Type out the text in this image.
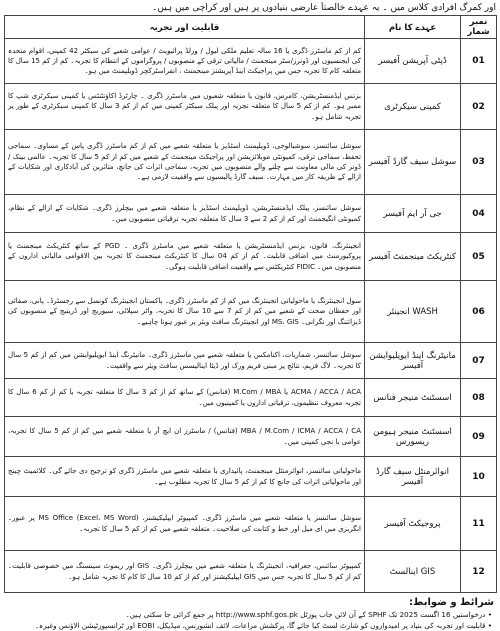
اور کمرگ افرادی کلاس میں ۔ یہ عہدے خالصتاً عارضی بنیادوں پر ہیں اور کراچی میں ہیں۔
نمبر شمار	عہدے کا نام	قابلیت اور تجربہ
01	ڈپٹی آپریشن آفیسر	کم از کم ماسٹرز ڈگری یا 16 سالہ تعلیم ملکی لیول / ورلڈ پرائیویٹ / عوامی شعبے کی سیکٹر 42 کمپنی، اقوام متحدہ کی ایجنسیوں اور ڈونرز/سٹر مینجمنٹ / مالیاتی ترقی کے منصوبوں / پروگراموں کے انتظام کا تجربہ۔ کم از کم 15 سال کا متعلقہ کام کا تجربہ جس میں پراجیکٹ اینڈ آپریشنز مینجمنٹ ، انفراسٹرکچر ڈویلپمنٹ میں ہو۔
02	کمپنی سیکرٹری	بزنس ایڈمنسٹریشن، کامرس، قانون یا متعلقہ شعبوں میں ماسٹرز ڈگری ۔ چارٹرڈ اکاؤنٹنٹس یا کمپنی سیکرٹری شپ کا ممبر ہو۔ کم از کم 5 سال کا متعلقہ تجربہ اور پبلک سیکٹر کمپنی میں کم از کم 3 سال کا کمپنی سیکرٹری کے طور پر تجربہ شامل ہو۔
03	سوشل سیف گارڈ آفیسر	سوشل سائنسز، سوشیالوجی، ڈویلپمنٹ اسٹڈیز یا متعلقہ شعبے میں کم از کم ماسٹرز ڈگری پاس کے مساوی۔ سماجی تحفظ، سماجی ترقی، کمیونٹی موبلائزیشن اور پراجیکٹ مینجمنٹ کے شعبے میں کم از کم 5 سال کا تجربہ۔ عالمی بینک / ڈونر کی مالی معاونت سے چلنے والے منصوبوں میں تجربہ، سماجی اثرات کی جانچ، متاثرین کی آبادکاری اور شکایات کے ازالے کے طریقہ کار میں مہارت۔ سیف گارڈ پالیسیوں سے واقفیت لازمی ہے۔
04	جی آر ایم آفیسر	سوشل سائنسز، پبلک ایڈمنسٹریشن، ڈویلپمنٹ اسٹڈیز یا متعلقہ شعبے میں بیچلرز ڈگری۔ شکایات کے ازالے کے نظام، کمیونٹی انگیجمنٹ اور کم از کم 2 سے 3 سال کا متعلقہ تجربہ ترقیاتی منصوبوں میں۔
05	کنٹریکٹ مینجمنٹ آفیسر	انجینئرنگ، قانون، بزنس ایڈمنسٹریشن یا متعلقہ شعبے میں ماسٹرز ڈگری ۔ PGD کے ساتھ کنٹریکٹ مینجمنٹ یا پروکیورمنٹ میں اضافی قابلیت۔ کم از کم 04 سال کا کنٹریکٹ مینجمنٹ کا تجربہ بین الاقوامی مالیاتی اداروں کے منصوبوں میں۔ FIDIC کنٹریکٹس سے واقفیت اضافی قابلیت ہوگی۔
06	WASH انجینئر	سول انجینئرنگ یا ماحولیاتی انجینئرنگ میں کم از کم ماسٹرز ڈگری۔ پاکستان انجینئرنگ کونسل سے رجسٹرڈ۔ پانی، صفائی اور حفظان صحت کے شعبے میں کم از کم 7 سے 10 سال کا تجربہ، واٹر سپلائی، سیوریج اور ڈرینیج کے منصوبوں کی ڈیزائننگ اور نگرانی۔ MS، GIS اور انجینئرنگ سافٹ ویئر پر عبور ہونا چاہیے۔
07	مانیٹرنگ اینڈ ایویلیوایشن آفیسر	سوشل سائنسز، شماریات، اکنامکس یا متعلقہ شعبے میں ماسٹرز ڈگری۔ مانیٹرنگ اینڈ ایویلیوایشن میں کم از کم 5 سال کا تجربہ۔ لاگ فریم، نتائج پر مبنی فریم ورک اور ڈیٹا اینالیسس سافٹ ویئر سے واقفیت۔
08	اسسٹنٹ منیجر فنانس	ACMA / ACCA / ACA یا M.Com / MBA (فنانس) کے ساتھ کم از کم 3 سال کا متعلقہ تجربہ یا کم از کم 6 سال کا تجربہ معروف تنظیموں، ترقیاتی اداروں یا کمپنیوں میں۔
09	اسسٹنٹ منیجر ہیومن ریسورس	MBA / M.Com / ICMA / ACCA / CA (فنانس) / ماسٹرز ان ایچ آر یا متعلقہ شعبے میں کم از کم 5 سال کا تجربہ، عوامی یا نجی کمپنی میں۔
10	انوائرمنٹل سیف گارڈ آفیسر	ماحولیاتی سائنسز، انوائرمنٹل مینجمنٹ، پائیداری یا متعلقہ شعبے میں ماسٹرز ڈگری کو ترجیح دی جائے گی۔ کلائمیٹ چینج اور ماحولیاتی اثرات کی جانچ کا کم از کم 5 سال کا تجربہ مطلوب ہے۔
11	پروجیکٹ آفیسر	سوشل سائنسز یا متعلقہ شعبے میں ماسٹرز ڈگری۔ کمپیوٹر ایپلیکیشنز، MS Office (Excel، MS Word) پر عبور۔ انگریزی میں ای میل اور خط و کتابت کی صلاحیت۔ متعلقہ شعبے میں کم از کم 5 سال کا تجربہ۔
12	GIS اینالسٹ	کمپیوٹر سائنس، جغرافیہ، انجینئرنگ یا متعلقہ شعبے میں بیچلرز ڈگری۔ GIS اور ریموٹ سینسنگ میں خصوصی قابلیت۔ کم از کم 5 سال کا تجربہ جس میں GIS ایپلیکیشنز اور کم از کم 10 سال کا کام کا تجربہ شامل ہو۔
شرائط و ضوابط:

• درخواستیں 16 اگست 2025 تک SPHF کے آن لائن جاب پورٹل http://www.sphf.gos.pk پر جمع کرائی جا سکتی ہیں۔

• قابلیت اور تجربہ کی بنیاد پر امیدواروں کو شارٹ لسٹ کیا جائے گا، پرکشش مراعات، لائف انشورنس، میڈیکل، EOBI اور ٹرانسپورٹیشن الاؤنس وغیرہ۔
